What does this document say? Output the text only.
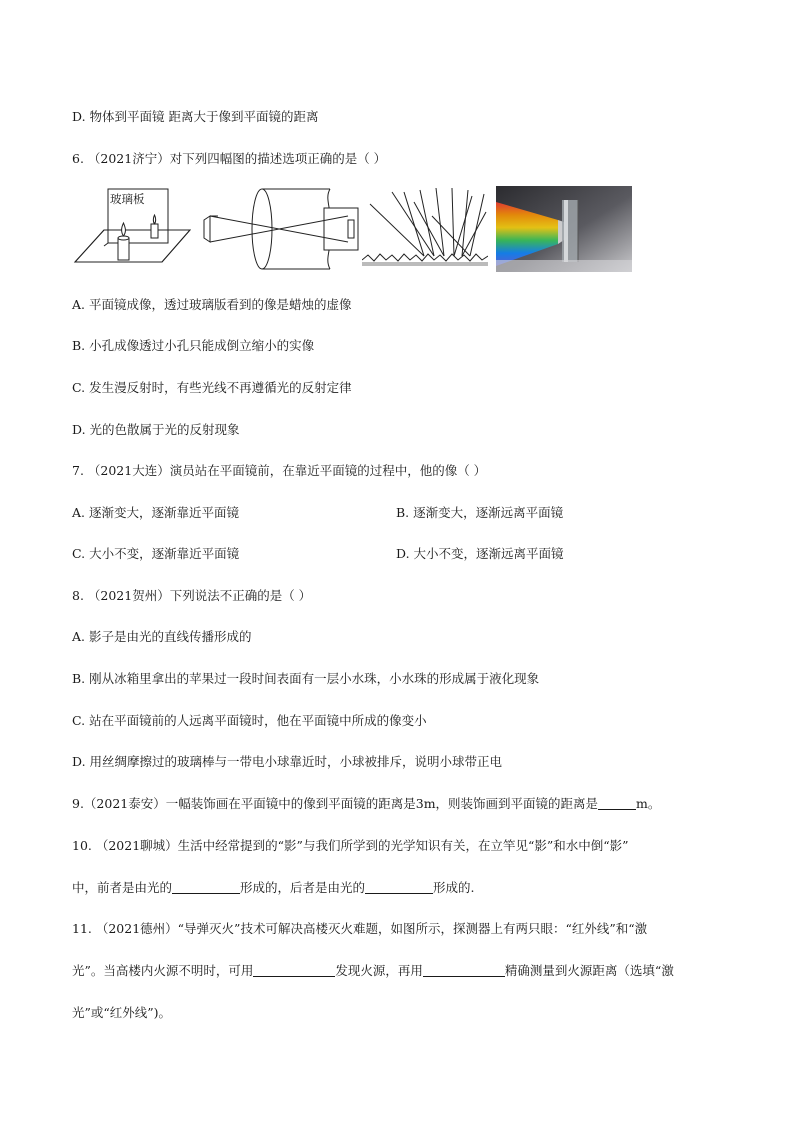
D. 物体到平面镜 距离大于像到平面镜的距离
6. （2021济宁）对下列四幅图的描述选项正确的是（ ）
玻璃板
A. 平面镜成像，透过玻璃版看到的像是蜡烛的虚像
B. 小孔成像透过小孔只能成倒立缩小的实像
C. 发生漫反射时，有些光线不再遵循光的反射定律
D. 光的色散属于光的反射现象
7. （2021大连）演员站在平面镜前，在靠近平面镜的过程中，他的像（ ）
A. 逐渐变大，逐渐靠近平面镜	B. 逐渐变大，逐渐远离平面镜
C. 大小不变，逐渐靠近平面镜	D. 大小不变，逐渐远离平面镜
8. （2021贺州）下列说法不正确的是（ ）
A. 影子是由光的直线传播形成的
B. 刚从冰箱里拿出的苹果过一段时间表面有一层小水珠，小水珠的形成属于液化现象
C. 站在平面镜前的人远离平面镜时，他在平面镜中所成的像变小
D. 用丝绸摩擦过的玻璃棒与一带电小球靠近时，小球被排斥，说明小球带正电
9.（2021泰安）一幅装饰画在平面镜中的像到平面镜的距离是3m，则装饰画到平面镜的距离是	m。
10. （2021聊城）生活中经常提到的“影”与我们所学到的光学知识有关，在立竿见“影”和水中倒“影”
中，前者是由光的	形成的，后者是由光的	形成的.
11. （2021德州）“导弹灭火”技术可解决高楼灭火难题，如图所示，探测器上有两只眼：“红外线”和“激
光”。当高楼内火源不明时，可用	发现火源，再用	精确测量到火源距离（选填“激
光”或“红外线”)。
